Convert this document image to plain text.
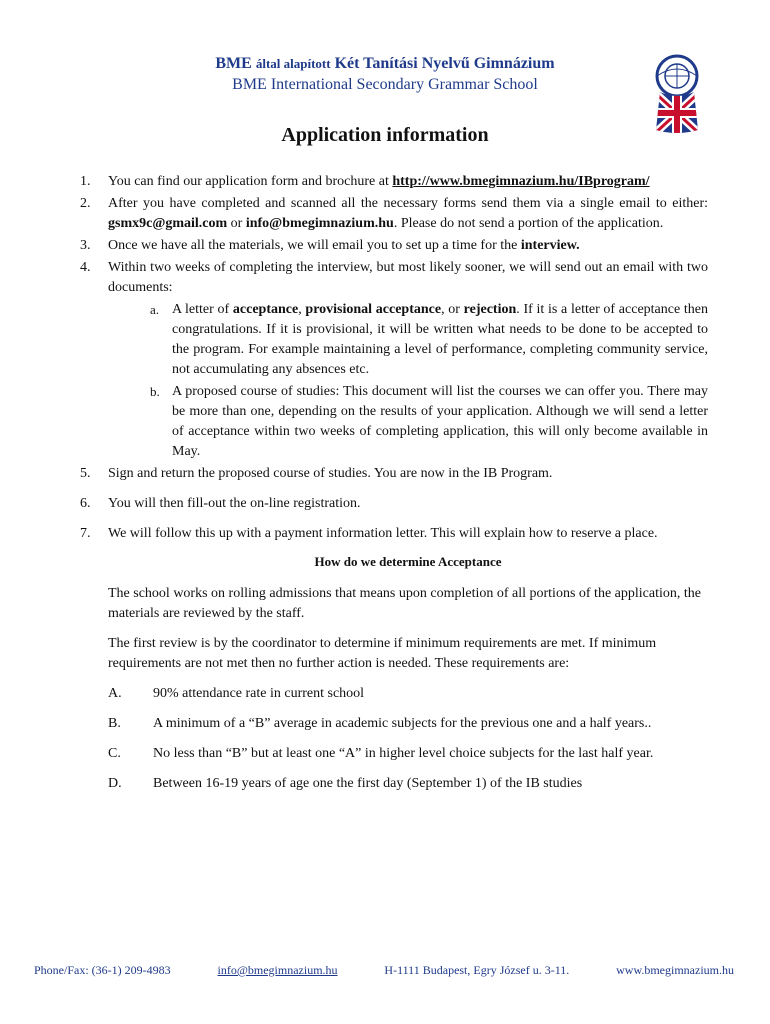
BME által alapított Két Tanítási Nyelvű Gimnázium
BME International Secondary Grammar School
Application information
1.	You can find our application form and brochure at http://www.bmegimnazium.hu/IBprogram/
2.	After you have completed and scanned all the necessary forms send them via a single email to either: gsmx9c@gmail.com or info@bmegimnazium.hu. Please do not send a portion of the application.
3.	Once we have all the materials, we will email you to set up a time for the interview.
4.	Within two weeks of completing the interview, but most likely sooner, we will send out an email with two documents:
a. A letter of acceptance, provisional acceptance, or rejection. If it is a letter of acceptance then congratulations. If it is provisional, it will be written what needs to be done to be accepted to the program. For example maintaining a level of performance, completing community service, not accumulating any absences etc.
b. A proposed course of studies: This document will list the courses we can offer you. There may be more than one, depending on the results of your application. Although we will send a letter of acceptance within two weeks of completing application, this will only become available in May.
5.	Sign and return the proposed course of studies. You are now in the IB Program.
6.	You will then fill-out the on-line registration.
7.	We will follow this up with a payment information letter. This will explain how to reserve a place.
How do we determine Acceptance
The school works on rolling admissions that means upon completion of all portions of the application, the materials are reviewed by the staff.
The first review is by the coordinator to determine if minimum requirements are met. If minimum requirements are not met then no further action is needed. These requirements are:
A.	90% attendance rate in current school
B.	A minimum of a “B” average in academic subjects for the previous one and a half years..
C.	No less than “B” but at least one “A” in higher level choice subjects for the last half year.
D.	Between 16-19 years of age one the first day (September 1) of the IB studies
Phone/Fax: (36-1) 209-4983	info@bmegimnazium.hu	H-1111 Budapest, Egry József u. 3-11.	www.bmegimnazium.hu
